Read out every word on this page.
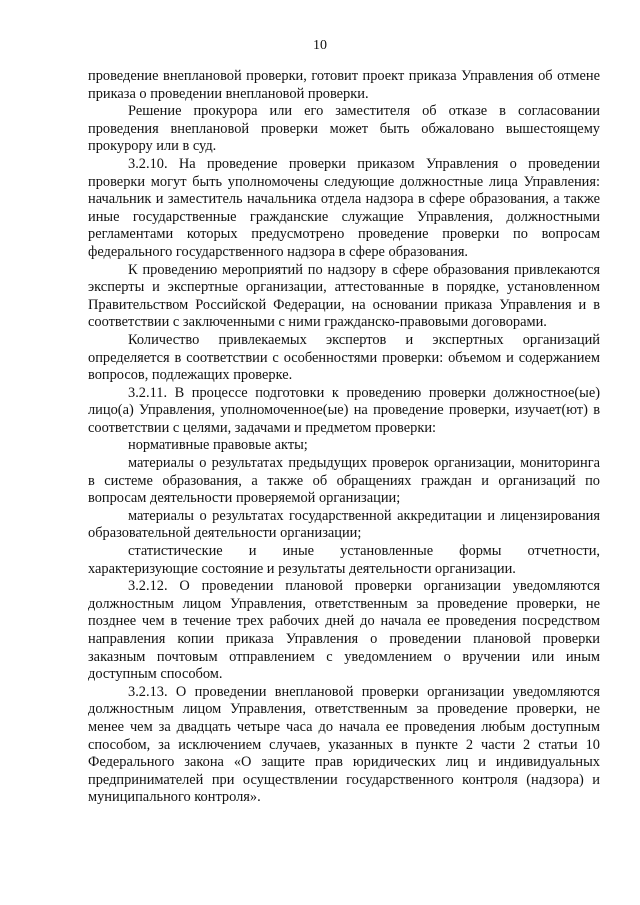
10

проведение внеплановой проверки, готовит проект приказа Управления об отмене приказа о проведении внеплановой проверки.

Решение прокурора или его заместителя об отказе в согласовании проведения внеплановой проверки может быть обжаловано вышестоящему прокурору или в суд.

3.2.10. На проведение проверки приказом Управления о проведении проверки могут быть уполномочены следующие должностные лица Управления: начальник и заместитель начальника отдела надзора в сфере образования, а также иные государственные гражданские служащие Управления, должностными регламентами которых предусмотрено проведение проверки по вопросам федерального государственного надзора в сфере образования.

К проведению мероприятий по надзору в сфере образования привлекаются эксперты и экспертные организации, аттестованные в порядке, установленном Правительством Российской Федерации, на основании приказа Управления и в соответствии с заключенными с ними гражданско-правовыми договорами.

Количество привлекаемых экспертов и экспертных организаций определяется в соответствии с особенностями проверки: объемом и содержанием вопросов, подлежащих проверке.

3.2.11. В процессе подготовки к проведению проверки должностное(ые) лицо(а) Управления, уполномоченное(ые) на проведение проверки, изучает(ют) в соответствии с целями, задачами и предметом проверки:

нормативные правовые акты;

материалы о результатах предыдущих проверок организации, мониторинга в системе образования, а также об обращениях граждан и организаций по вопросам деятельности проверяемой организации;

материалы о результатах государственной аккредитации и лицензирования образовательной деятельности организации;

статистические и иные установленные формы отчетности, характеризующие состояние и результаты деятельности организации.

3.2.12. О проведении плановой проверки организации уведомляются должностным лицом Управления, ответственным за проведение проверки, не позднее чем в течение трех рабочих дней до начала ее проведения посредством направления копии приказа Управления о проведении плановой проверки заказным почтовым отправлением с уведомлением о вручении или иным доступным способом.

3.2.13. О проведении внеплановой проверки организации уведомляются должностным лицом Управления, ответственным за проведение проверки, не менее чем за двадцать четыре часа до начала ее проведения любым доступным способом, за исключением случаев, указанных в пункте 2 части 2 статьи 10 Федерального закона «О защите прав юридических лиц и индивидуальных предпринимателей при осуществлении государственного контроля (надзора) и муниципального контроля».
